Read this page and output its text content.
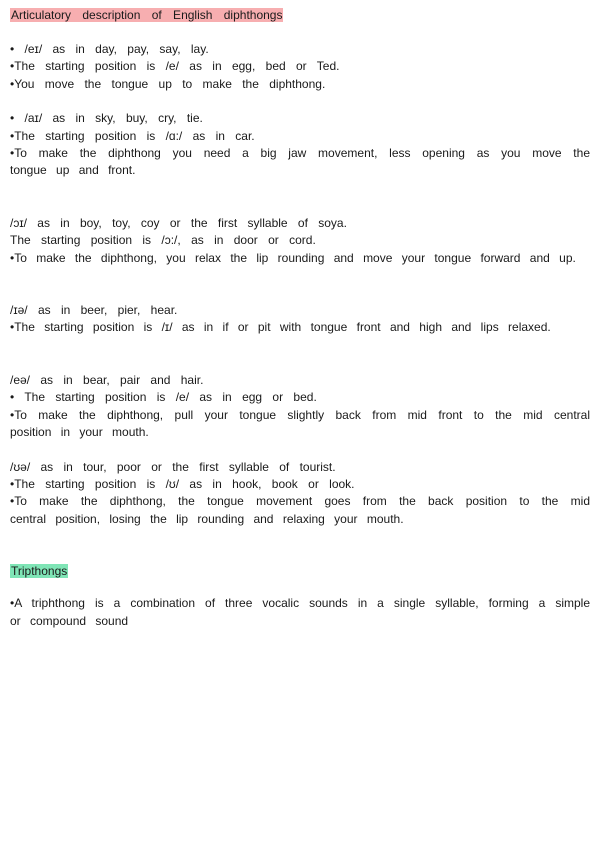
Articulatory description of English diphthongs
• /eɪ/ as in day, pay, say, lay.
•The starting position is /e/ as in egg, bed or Ted.
•You move the tongue up to make the diphthong.
• /aɪ/ as in sky, buy, cry, tie.
•The starting position is /ɑ:/ as in car.
•To make the diphthong you need a big jaw movement, less opening as you move the tongue up and front.
/ɔɪ/ as in boy, toy, coy or the first syllable of soya.
The starting position is /ɔ:/, as in door or cord.
•To make the diphthong, you relax the lip rounding and move your tongue forward and up.
/ɪə/ as in beer, pier, hear.
•The starting position is /ɪ/ as in if or pit with tongue front and high and lips relaxed.
/eə/ as in bear, pair and hair.
• The starting position is /e/ as in egg or bed.
•To make the diphthong, pull your tongue slightly back from mid front to the mid central position in your mouth.
/ʊə/ as in tour, poor or the first syllable of tourist.
•The starting position is /ʊ/ as in hook, book or look.
•To make the diphthong, the tongue movement goes from the back position to the mid central position, losing the lip rounding and relaxing your mouth.
Tripthongs
•A triphthong is a combination of three vocalic sounds in a single syllable, forming a simple or compound sound
